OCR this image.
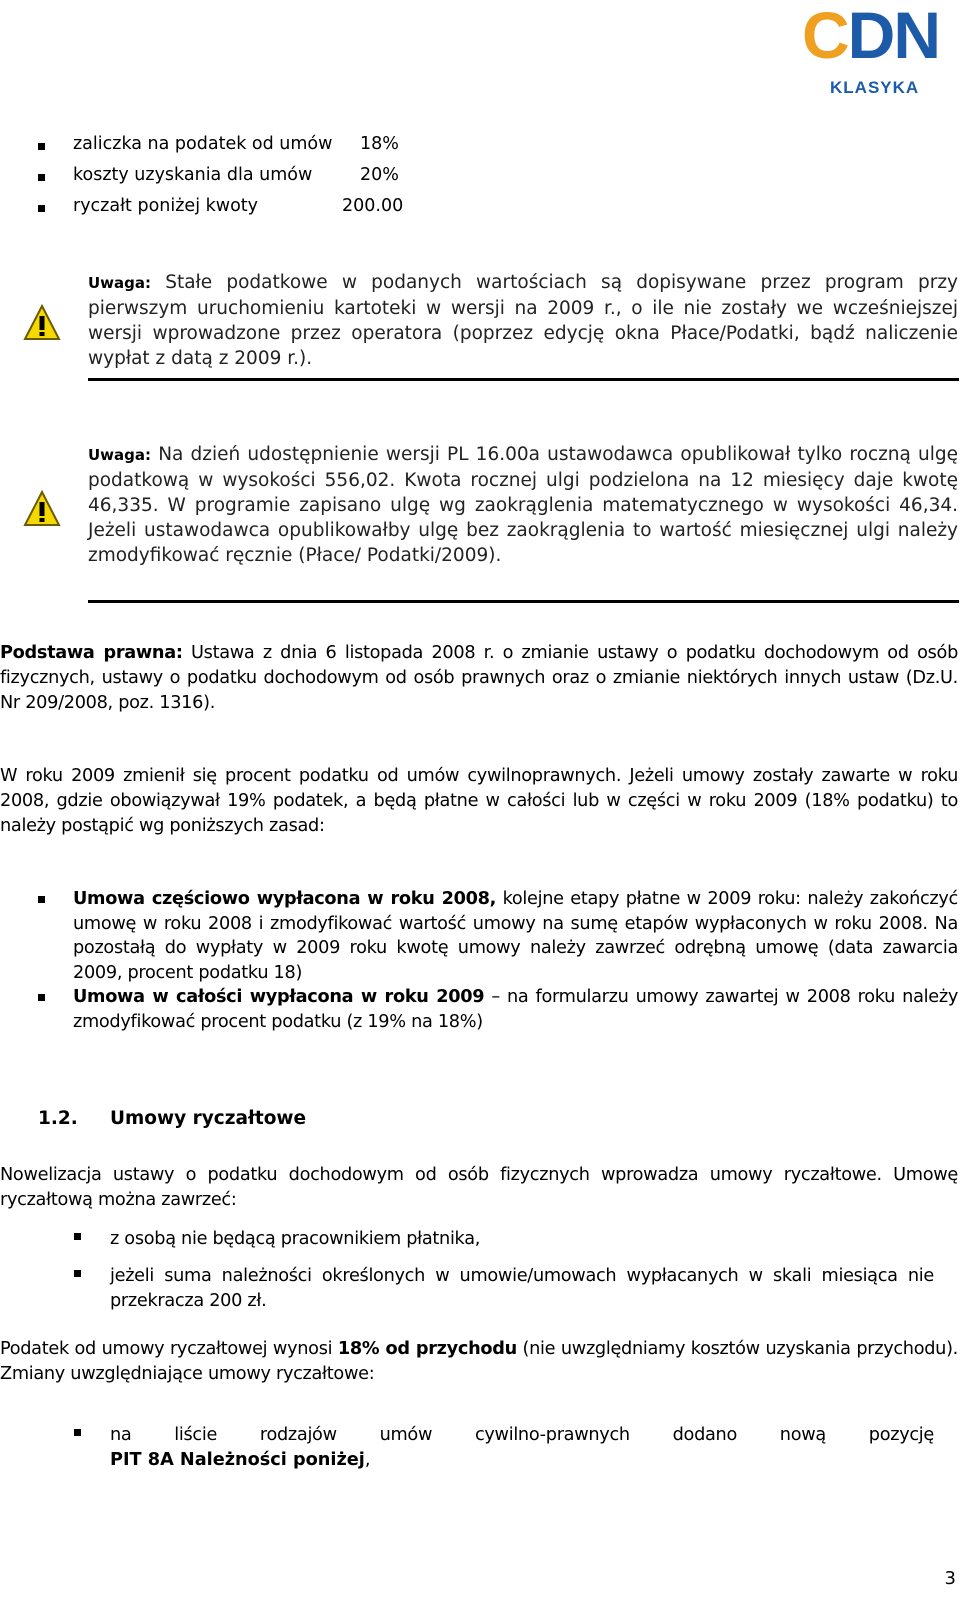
CDN
KLASYKA
zaliczka na podatek od umów 18%
koszty uzyskania dla umów	20%
ryczałt poniżej kwoty	200.00
Uwaga: Stałe podatkowe w podanych wartościach są dopisywane przez program przy pierwszym uruchomieniu kartoteki w wersji na 2009 r., o ile nie zostały we wcześniejszej wersji wprowadzone przez operatora (poprzez edycję okna Płace/Podatki, bądź naliczenie wypłat z datą z 2009 r.).
Uwaga: Na dzień udostępnienie wersji PL 16.00a ustawodawca opublikował tylko roczną ulgę podatkową w wysokości 556,02. Kwota rocznej ulgi podzielona na 12 miesięcy daje kwotę 46,335. W programie zapisano ulgę wg zaokrąglenia matematycznego w wysokości 46,34. Jeżeli ustawodawca opublikowałby ulgę bez zaokrąglenia to wartość miesięcznej ulgi należy zmodyfikować ręcznie (Płace/ Podatki/2009).
Podstawa prawna: Ustawa z dnia 6 listopada 2008 r. o zmianie ustawy o podatku dochodowym od osób fizycznych, ustawy o podatku dochodowym od osób prawnych oraz o zmianie niektórych innych ustaw (Dz.U. Nr 209/2008, poz. 1316).
W roku 2009 zmienił się procent podatku od umów cywilnoprawnych. Jeżeli umowy zostały zawarte w roku 2008, gdzie obowiązywał 19% podatek, a będą płatne w całości lub w części w roku 2009 (18% podatku) to należy postąpić wg poniższych zasad:
Umowa częściowo wypłacona w roku 2008, kolejne etapy płatne w 2009 roku: należy zakończyć umowę w roku 2008 i zmodyfikować wartość umowy na sumę etapów wypłaconych w roku 2008. Na pozostałą do wypłaty w 2009 roku kwotę umowy należy zawrzeć odrębną umowę (data zawarcia 2009, procent podatku 18)
Umowa w całości wypłacona w roku 2009 – na formularzu umowy zawartej w 2008 roku należy zmodyfikować procent podatku (z 19% na 18%)
1.2. Umowy ryczałtowe
Nowelizacja ustawy o podatku dochodowym od osób fizycznych wprowadza umowy ryczałtowe. Umowę ryczałtową można zawrzeć:
z osobą nie będącą pracownikiem płatnika,
jeżeli suma należności określonych w umowie/umowach wypłacanych w skali miesiąca nie przekracza 200 zł.
Podatek od umowy ryczałtowej wynosi 18% od przychodu (nie uwzględniamy kosztów uzyskania przychodu). Zmiany uwzględniające umowy ryczałtowe:
na liście rodzajów umów cywilno-prawnych dodano nową pozycję
PIT 8A Należności poniżej,
3
